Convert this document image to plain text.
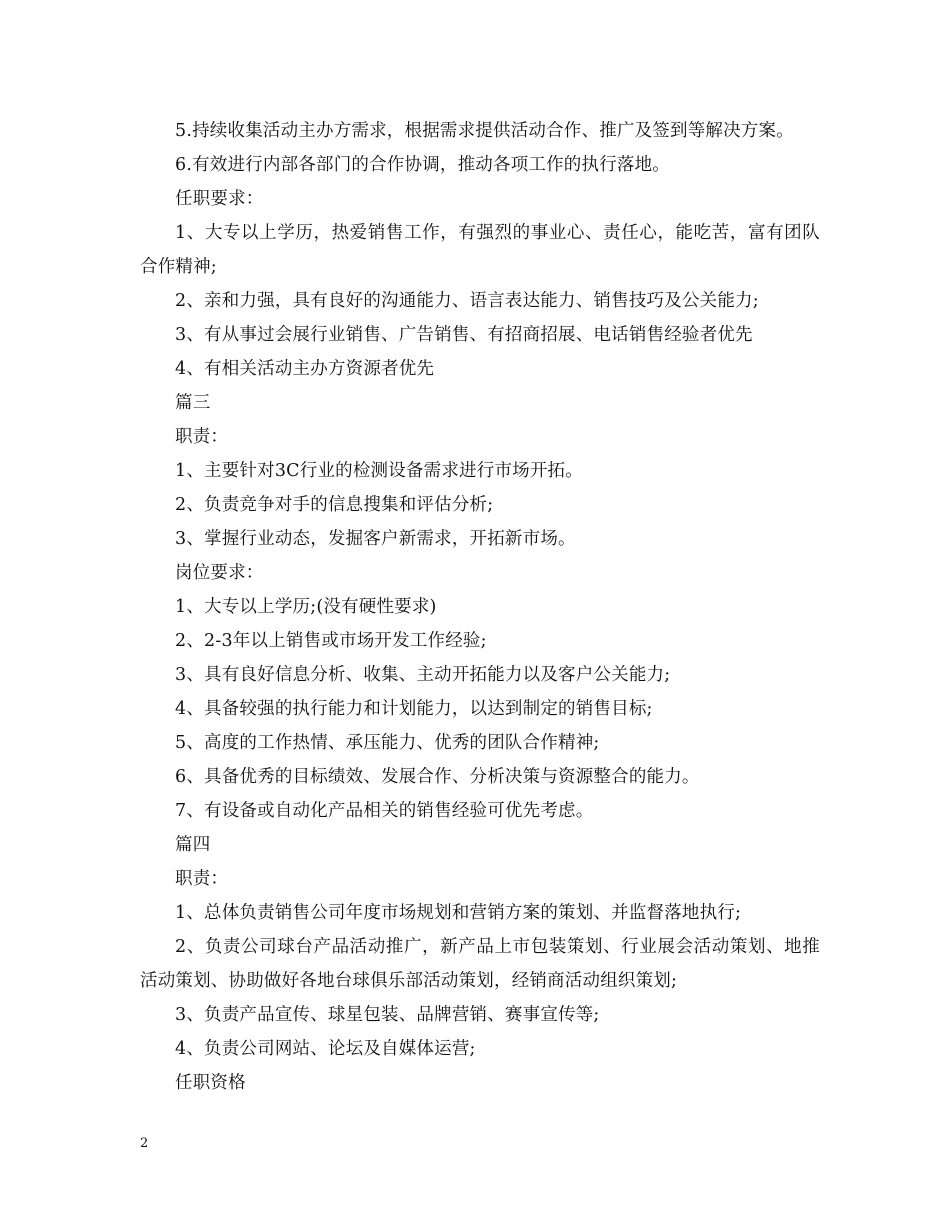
5.持续收集活动主办方需求，根据需求提供活动合作、推广及签到等解决方案。

6.有效进行内部各部门的合作协调，推动各项工作的执行落地。

任职要求：

1、大专以上学历，热爱销售工作，有强烈的事业心、责任心，能吃苦，富有团队合作精神;

2、亲和力强，具有良好的沟通能力、语言表达能力、销售技巧及公关能力;

3、有从事过会展行业销售、广告销售、有招商招展、电话销售经验者优先

4、有相关活动主办方资源者优先

篇三

职责：

1、主要针对3C行业的检测设备需求进行市场开拓。

2、负责竞争对手的信息搜集和评估分析;

3、掌握行业动态，发掘客户新需求，开拓新市场。

岗位要求：

1、大专以上学历;(没有硬性要求)

2、2-3年以上销售或市场开发工作经验;

3、具有良好信息分析、收集、主动开拓能力以及客户公关能力;

4、具备较强的执行能力和计划能力，以达到制定的销售目标;

5、高度的工作热情、承压能力、优秀的团队合作精神;

6、具备优秀的目标绩效、发展合作、分析决策与资源整合的能力。

7、有设备或自动化产品相关的销售经验可优先考虑。

篇四

职责：

1、总体负责销售公司年度市场规划和营销方案的策划、并监督落地执行;

2、负责公司球台产品活动推广，新产品上市包装策划、行业展会活动策划、地推活动策划、协助做好各地台球俱乐部活动策划，经销商活动组织策划;

3、负责产品宣传、球星包装、品牌营销、赛事宣传等;

4、负责公司网站、论坛及自媒体运营;

任职资格

2
